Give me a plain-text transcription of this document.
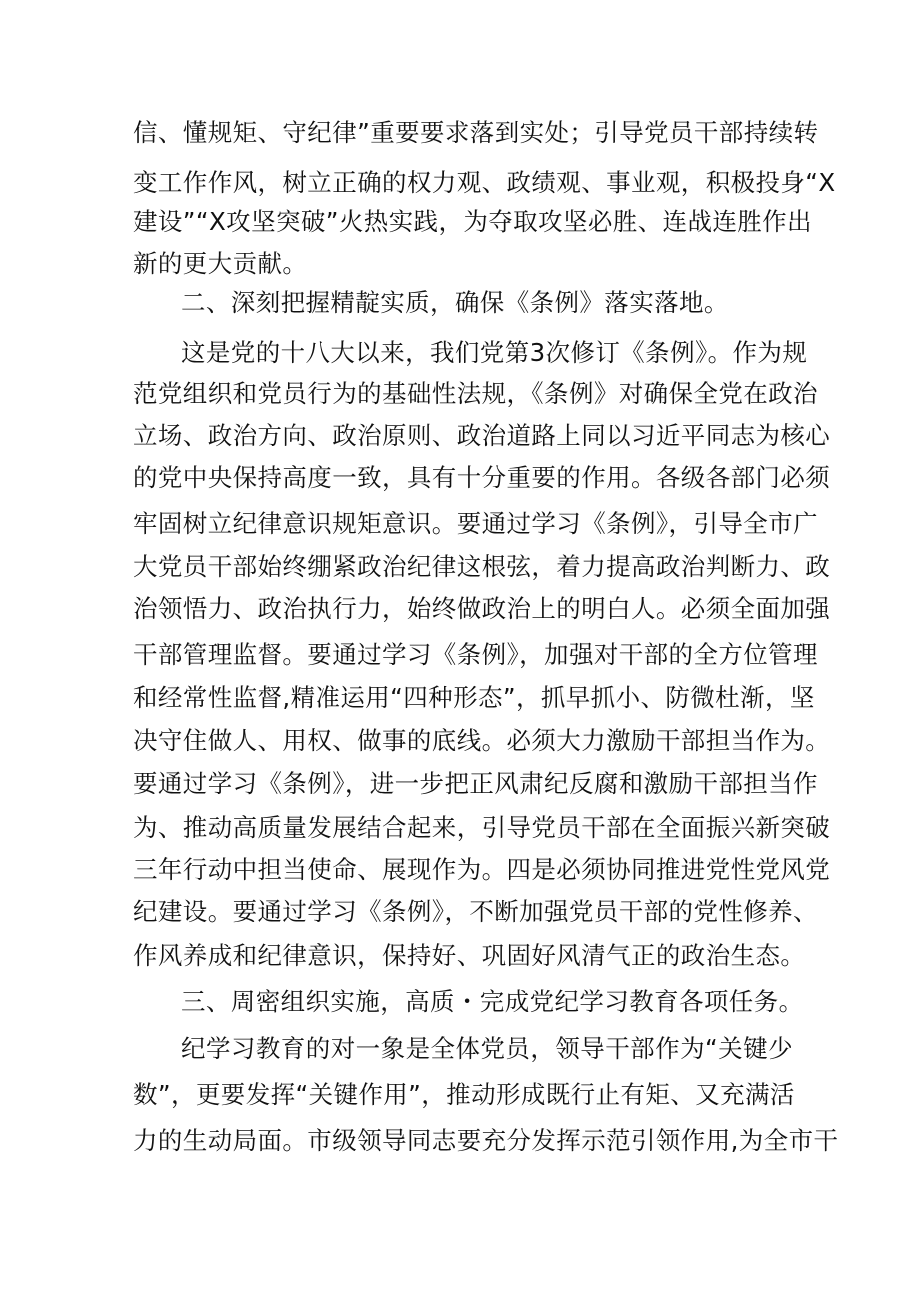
信、懂规矩、守纪律”重要要求落到实处；引导党员干部持续转
变工作作风，树立正确的权力观、政绩观、事业观，积极投身“X
建设”“X攻坚突破”火热实践，为夺取攻坚必胜、连战连胜作出
新的更大贡献。
二、深刻把握精靛实质，确保《条例》落实落地。
这是党的十八大以来，我们党第3次修订《条例》。作为规
范党组织和党员行为的基础性法规，《条例》对确保全党在政治
立场、政治方向、政治原则、政治道路上同以习近平同志为核心
的党中央保持高度一致，具有十分重要的作用。各级各部门必须
牢固树立纪律意识规矩意识。要通过学习《条例》，引导全市广
大党员干部始终绷紧政治纪律这根弦，着力提高政治判断力、政
治领悟力、政治执行力，始终做政治上的明白人。必须全面加强
干部管理监督。要通过学习《条例》，加强对干部的全方位管理
和经常性监督,精准运用“四种形态”，抓早抓小、防微杜渐，坚
决守住做人、用权、做事的底线。必须大力激励干部担当作为。
要通过学习《条例》，进一步把正风肃纪反腐和激励干部担当作
为、推动高质量发展结合起来，引导党员干部在全面振兴新突破
三年行动中担当使命、展现作为。四是必须协同推进党性党风党
纪建设。要通过学习《条例》，不断加强党员干部的党性修养、
作风养成和纪律意识，保持好、巩固好风清气正的政治生态。
三、周密组织实施，高质・完成党纪学习教育各项任务。
纪学习教育的对一象是全体党员，领导干部作为“关键少
数”，更要发挥“关键作用”，推动形成既行止有矩、又充满活
力的生动局面。市级领导同志要充分发挥示范引领作用,为全市干
